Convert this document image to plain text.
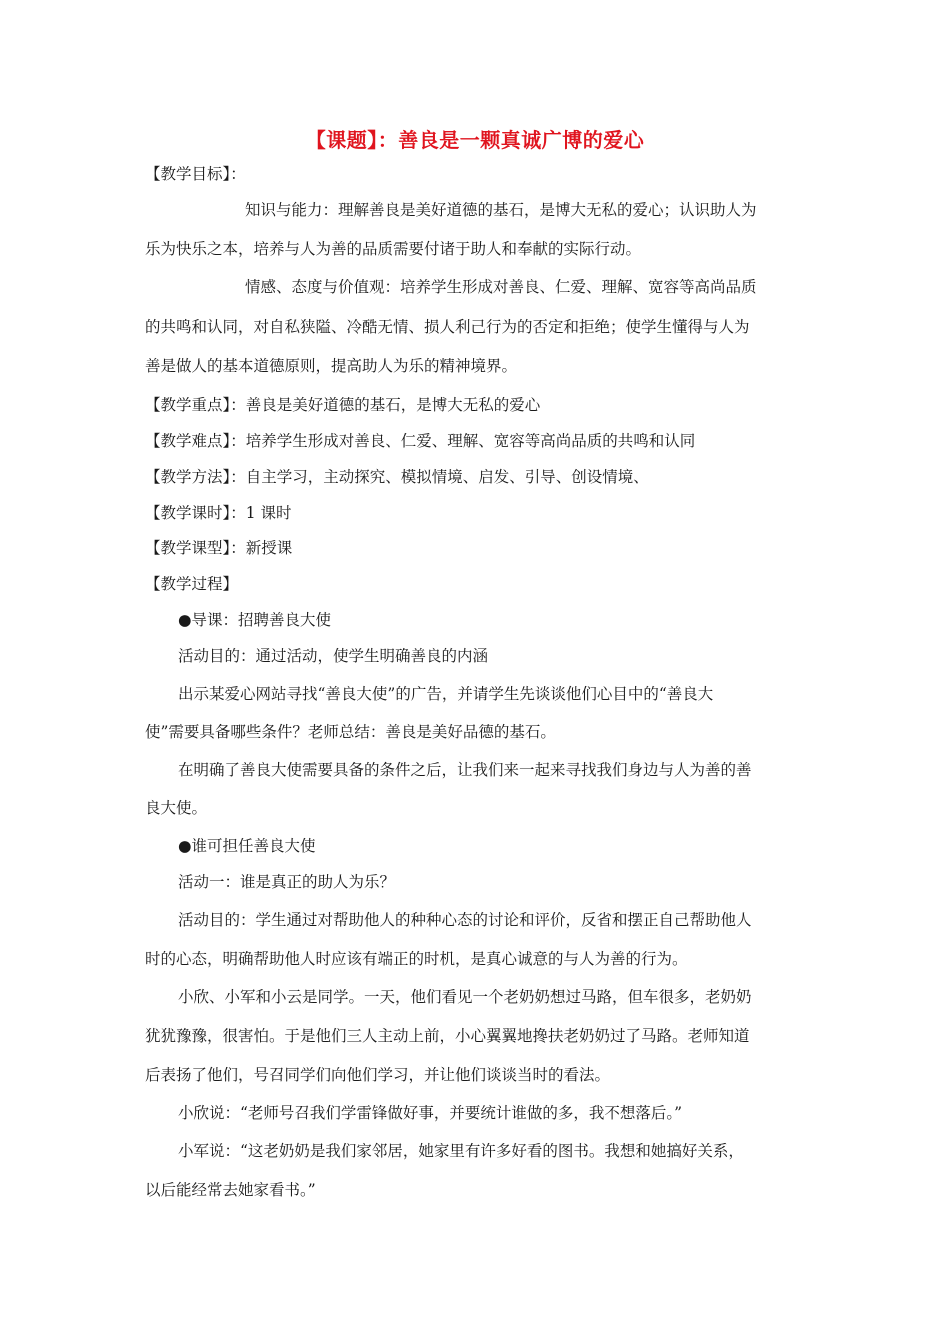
【课题】：善良是一颗真诚广博的爱心
【教学目标】：
知识与能力：理解善良是美好道德的基石，是博大无私的爱心；认识助人为
乐为快乐之本，培养与人为善的品质需要付诸于助人和奉献的实际行动。
情感、态度与价值观：培养学生形成对善良、仁爱、理解、宽容等高尚品质
的共鸣和认同，对自私狭隘、冷酷无情、损人利己行为的否定和拒绝；使学生懂得与人为
善是做人的基本道德原则，提高助人为乐的精神境界。
【教学重点】：善良是美好道德的基石，是博大无私的爱心
【教学难点】：培养学生形成对善良、仁爱、理解、宽容等高尚品质的共鸣和认同
【教学方法】：自主学习，主动探究、模拟情境、启发、引导、创设情境、
【教学课时】：1 课时
【教学课型】：新授课
【教学过程】
●导课：招聘善良大使
活动目的：通过活动，使学生明确善良的内涵
出示某爱心网站寻找“善良大使”的广告，并请学生先谈谈他们心目中的“善良大
使”需要具备哪些条件？老师总结：善良是美好品德的基石。
在明确了善良大使需要具备的条件之后，让我们来一起来寻找我们身边与人为善的善
良大使。
●谁可担任善良大使
活动一：谁是真正的助人为乐？
活动目的：学生通过对帮助他人的种种心态的讨论和评价，反省和摆正自己帮助他人
时的心态，明确帮助他人时应该有端正的时机，是真心诚意的与人为善的行为。
小欣、小军和小云是同学。一天，他们看见一个老奶奶想过马路，但车很多，老奶奶
犹犹豫豫，很害怕。于是他们三人主动上前，小心翼翼地搀扶老奶奶过了马路。老师知道
后表扬了他们，号召同学们向他们学习，并让他们谈谈当时的看法。
小欣说：“老师号召我们学雷锋做好事，并要统计谁做的多，我不想落后。”
小军说：“这老奶奶是我们家邻居，她家里有许多好看的图书。我想和她搞好关系，
以后能经常去她家看书。”
